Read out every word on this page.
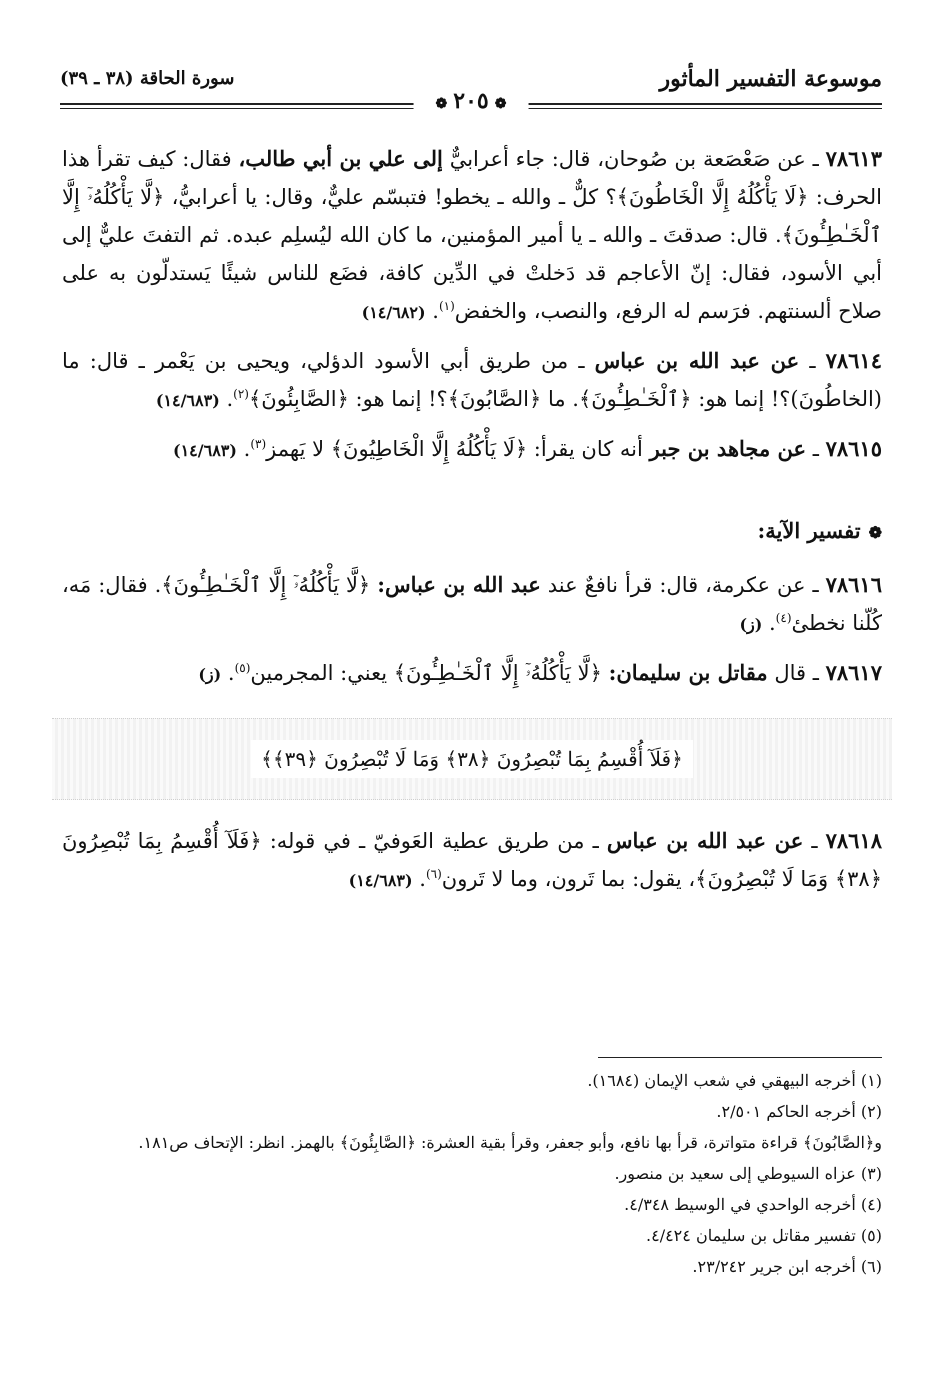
موسوعة التفسير المأثور
سورة الحاقة (٣٨ ـ ٣٩)
❁٢٠٥❁

٧٨٦١٣ ـ عن صَعْصَعة بن صُوحان، قال: جاء أعرابيٌّ إلى علي بن أبي طالب، فقال: كيف تقرأ هذا الحرف: ﴿لَا يَأْكُلُهُ إِلَّا الْخَاطُونَ﴾؟ كلٌّ ـ والله ـ يخطو! فتبسّم عليٌّ، وقال: يا أعرابيُّ، ﴿لَّا يَأْكُلُهُۥٓ إِلَّا ٱلْخَـٰطِـُٔونَ﴾. قال: صدقتَ ـ والله ـ يا أمير المؤمنين، ما كان الله ليُسلِم عبده. ثم التفتَ عليٌّ إلى أبي الأسود، فقال: إنّ الأعاجم قد دَخلتْ في الدِّين كافة، فضَع للناس شيئًا يَستدلّون به على صلاح ألسنتهم. فرَسم له الرفع، والنصب، والخفض$^{(١)}$. (١٤/٦٨٢)

٧٨٦١٤ ـ عن عبد الله بن عباس ـ من طريق أبي الأسود الدؤلي، ويحيى بن يَعْمر ـ قال: ما (الخاطُونَ)؟! إنما هو: ﴿ٱلْخَـٰطِـُٔونَ﴾. ما ﴿الصَّابُونَ﴾؟! إنما هو: ﴿الصَّابِئُونَ﴾$^{(٢)}$. (١٤/٦٨٣)

٧٨٦١٥ ـ عن مجاهد بن جبر أنه كان يقرأ: ﴿لَا يَأْكُلُهُ إِلَّا الْخَاطِيُونَ﴾ لا يَهمز$^{(٣)}$. (١٤/٦٨٣)

❁تفسير الآية:

٧٨٦١٦ ـ عن عكرمة، قال: قرأ نافعٌ عند عبد الله بن عباس: ﴿لَّا يَأْكُلُهُۥٓ إِلَّا ٱلْخَـٰطِـُٔونَ﴾. فقال: مَه، كُلّنا نخطئ$^{(٤)}$. (ز)

٧٨٦١٧ ـ قال مقاتل بن سليمان: ﴿لَّا يَأْكُلُهُۥٓ إِلَّا ٱلْخَـٰطِـُٔونَ﴾ يعني: المجرمين$^{(٥)}$. (ز)

﴿فَلَآ أُقْسِمُ بِمَا تُبْصِرُونَ ﴿٣٨﴾ وَمَا لَا تُبْصِرُونَ ﴿٣٩﴾﴾

٧٨٦١٨ ـ عن عبد الله بن عباس ـ من طريق عطية العَوفيّ ـ في قوله: ﴿فَلَآ أُقْسِمُ بِمَا تُبْصِرُونَ ﴿٣٨﴾ وَمَا لَا تُبْصِرُونَ﴾، يقول: بما تَرون، وما لا تَرون$^{(٦)}$. (١٤/٦٨٣)

(١) أخرجه البيهقي في شعب الإيمان (١٦٨٤).
(٢) أخرجه الحاكم ٢/٥٠١.
و﴿الصَّابُونَ﴾ قراءة متواترة، قرأ بها نافع، وأبو جعفر، وقرأ بقية العشرة: ﴿الصَّابِئُونَ﴾ بالهمز. انظر: الإتحاف ص١٨١.
(٣) عزاه السيوطي إلى سعيد بن منصور.
(٤) أخرجه الواحدي في الوسيط ٤/٣٤٨.
(٥) تفسير مقاتل بن سليمان ٤/٤٢٤.
(٦) أخرجه ابن جرير ٢٣/٢٤٢.
